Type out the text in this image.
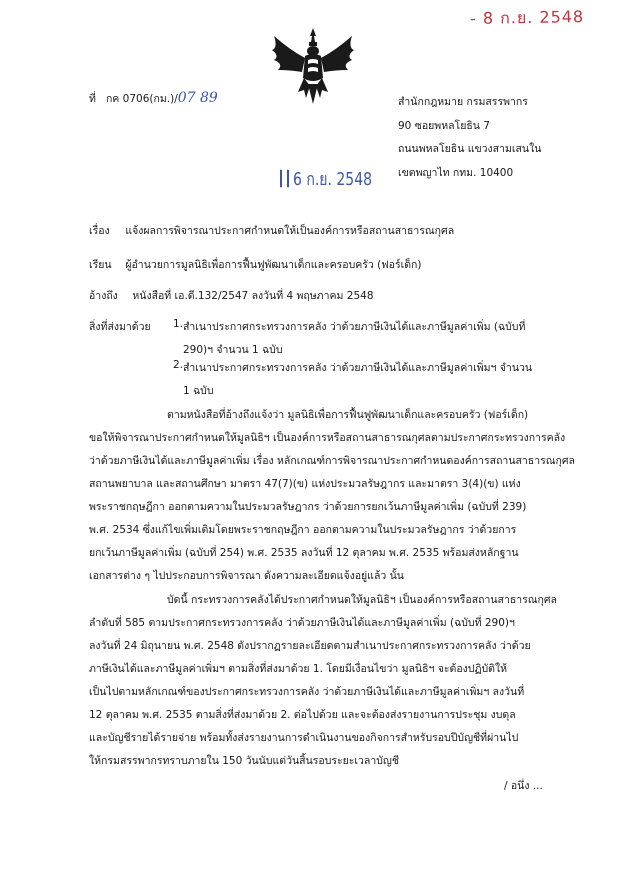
- 8 ก.ย. 2548
ที่ กค 0706(กม.)/07 89	สำนักกฎหมาย กรมสรรพากร
90 ซอยพหลโยธิน 7
ถนนพหลโยธิน แขวงสามเสนใน
เขตพญาไท กทม. 10400
6 ก.ย. 2548
เรื่อง แจ้งผลการพิจารณาประกาศกำหนดให้เป็นองค์การหรือสถานสาธารณกุศล
เรียน ผู้อำนวยการมูลนิธิเพื่อการฟื้นฟูพัฒนาเด็กและครอบครัว (ฟอร์เด็ก)
อ้างถึง หนังสือที่ เอ.ดี.132/2547 ลงวันที่ 4 พฤษภาคม 2548
สิ่งที่ส่งมาด้วย 1. สำเนาประกาศกระทรวงการคลัง ว่าด้วยภาษีเงินได้และภาษีมูลค่าเพิ่ม (ฉบับที่
290)ฯ จำนวน 1 ฉบับ
2. สำเนาประกาศกระทรวงการคลัง ว่าด้วยภาษีเงินได้และภาษีมูลค่าเพิ่มฯ จำนวน
1 ฉบับ
ตามหนังสือที่อ้างถึงแจ้งว่า มูลนิธิเพื่อการฟื้นฟูพัฒนาเด็กและครอบครัว (ฟอร์เด็ก)
ขอให้พิจารณาประกาศกำหนดให้มูลนิธิฯ เป็นองค์การหรือสถานสาธารณกุศลตามประกาศกระทรวงการคลัง
ว่าด้วยภาษีเงินได้และภาษีมูลค่าเพิ่ม เรื่อง หลักเกณฑ์การพิจารณาประกาศกำหนดองค์การสถานสาธารณกุศล
สถานพยาบาล และสถานศึกษา มาตรา 47(7)(ข) แห่งประมวลรัษฎากร และมาตรา 3(4)(ข) แห่ง
พระราชกฤษฎีกา ออกตามความในประมวลรัษฎากร ว่าด้วยการยกเว้นภาษีมูลค่าเพิ่ม (ฉบับที่ 239)
พ.ศ. 2534 ซึ่งแก้ไขเพิ่มเติมโดยพระราชกฤษฎีกา ออกตามความในประมวลรัษฎากร ว่าด้วยการ
ยกเว้นภาษีมูลค่าเพิ่ม (ฉบับที่ 254) พ.ศ. 2535 ลงวันที่ 12 ตุลาคม พ.ศ. 2535 พร้อมส่งหลักฐาน
เอกสารต่าง ๆ ไปประกอบการพิจารณา ดังความละเอียดแจ้งอยู่แล้ว นั้น
บัดนี้ กระทรวงการคลังได้ประกาศกำหนดให้มูลนิธิฯ เป็นองค์การหรือสถานสาธารณกุศล
ลำดับที่ 585 ตามประกาศกระทรวงการคลัง ว่าด้วยภาษีเงินได้และภาษีมูลค่าเพิ่ม (ฉบับที่ 290)ฯ
ลงวันที่ 24 มิถุนายน พ.ศ. 2548 ดังปรากฏรายละเอียดตามสำเนาประกาศกระทรวงการคลัง ว่าด้วย
ภาษีเงินได้และภาษีมูลค่าเพิ่มฯ ตามสิ่งที่ส่งมาด้วย 1. โดยมีเงื่อนไขว่า มูลนิธิฯ จะต้องปฏิบัติให้
เป็นไปตามหลักเกณฑ์ของประกาศกระทรวงการคลัง ว่าด้วยภาษีเงินได้และภาษีมูลค่าเพิ่มฯ ลงวันที่
12 ตุลาคม พ.ศ. 2535 ตามสิ่งที่ส่งมาด้วย 2. ต่อไปด้วย และจะต้องส่งรายงานการประชุม งบดุล
และบัญชีรายได้รายจ่าย พร้อมทั้งส่งรายงานการดำเนินงานของกิจการสำหรับรอบปีบัญชีที่ผ่านไป
ให้กรมสรรพากรทราบภายใน 150 วันนับแต่วันสิ้นรอบระยะเวลาบัญชี
/ อนึ่ง ...
